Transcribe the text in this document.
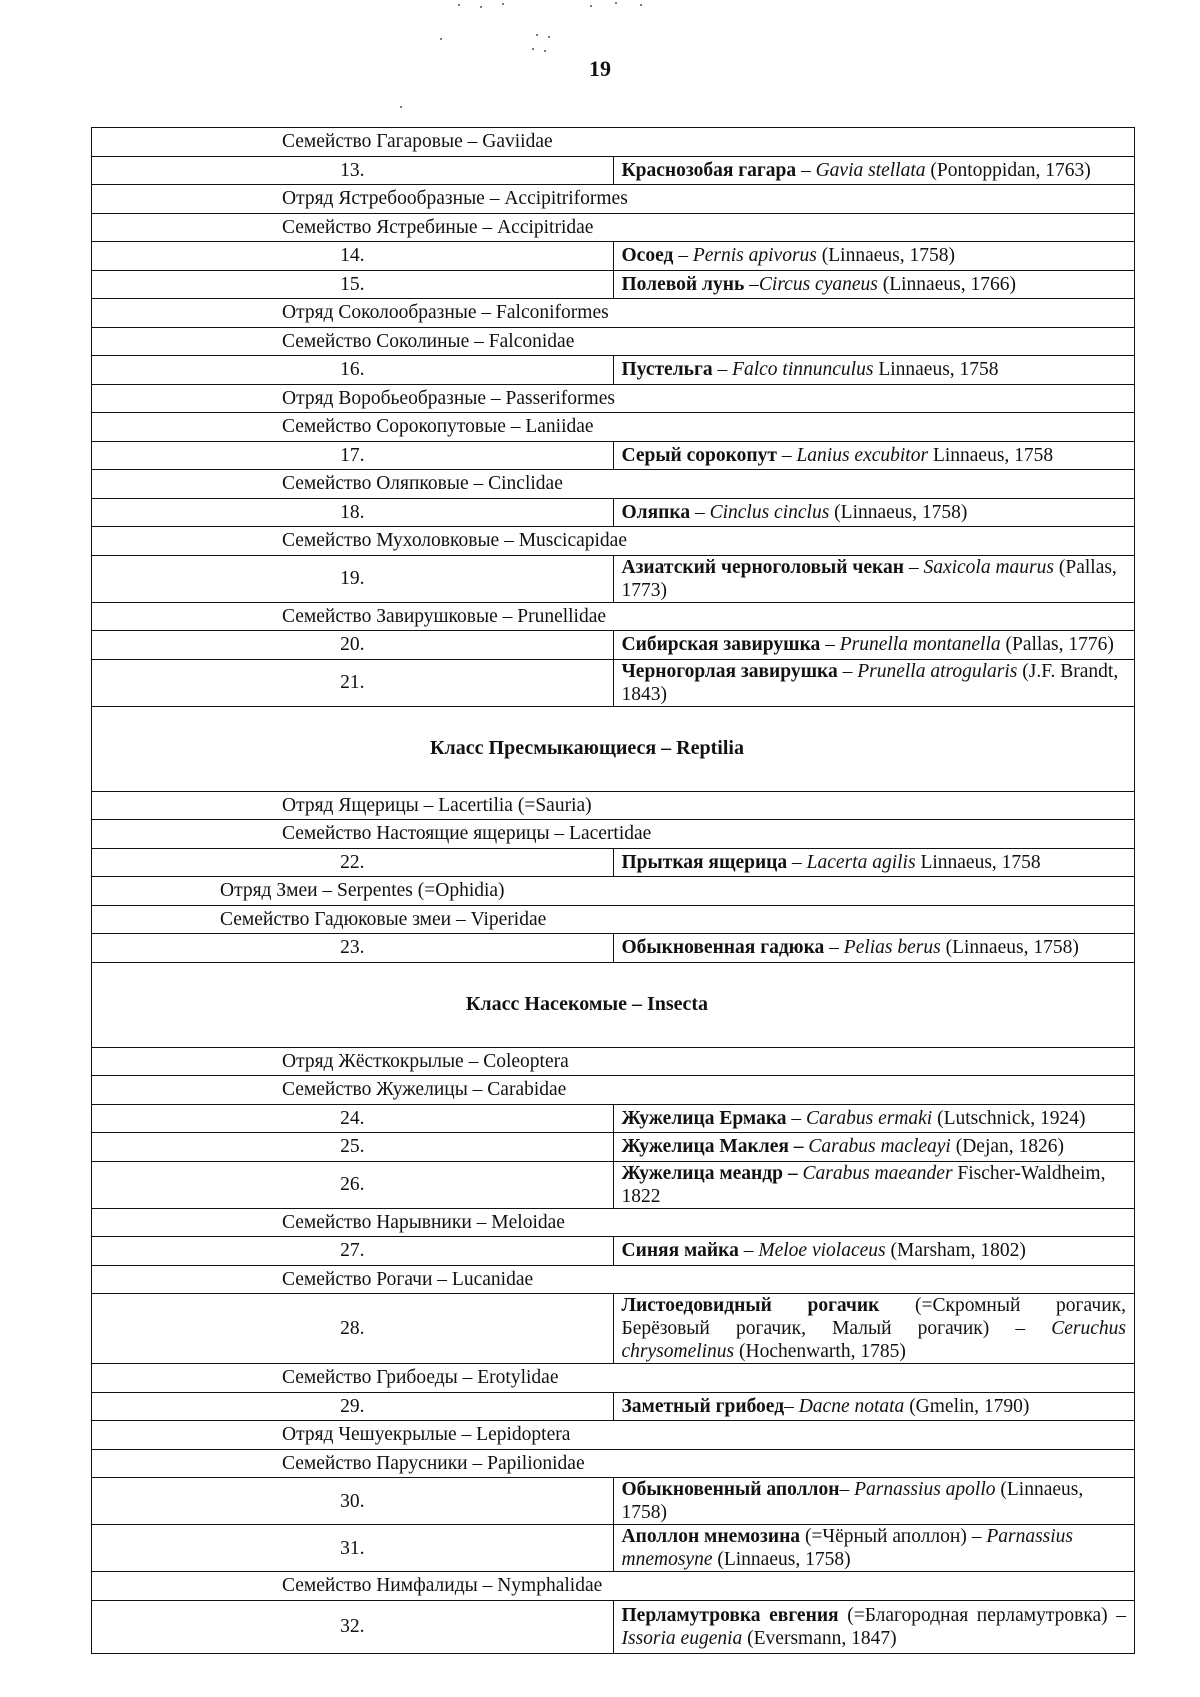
19
Семейство Гагаровые – Gaviidae	
13.	Краснозобая гагара – Gavia stellata (Pontoppidan, 1763)
Отряд Ястребообразные – Accipitriformes	
Семейство Ястребиные – Accipitridae	
14.	Осоед – Pernis apivorus (Linnaeus, 1758)
15.	Полевой лунь –Circus cyaneus (Linnaeus, 1766)
Отряд Соколообразные – Falconiformes	
Семейство Соколиные – Falconidae	
16.	Пустельга – Falco tinnunculus Linnaeus, 1758
Отряд Воробьеобразные – Passeriformes	
Семейство Сорокопутовые – Laniidae	
17.	Серый сорокопут – Lanius excubitor Linnaeus, 1758
Семейство Оляпковые – Cinclidae	
18.	Оляпка – Cinclus cinclus (Linnaeus, 1758)
Семейство Мухоловковые – Muscicapidae	
19.	Азиатский черноголовый чекан – Saxicola maurus (Pallas, 1773)
Семейство Завирушковые – Prunellidae	
20.	Сибирская завирушка – Prunella montanella (Pallas, 1776)
21.	Черногорлая завирушка – Prunella atrogularis (J.F. Brandt, 1843)
Класс Пресмыкающиеся – Reptilia	
Отряд Ящерицы – Lacertilia (=Sauria)	
Семейство Настоящие ящерицы – Lacertidae	
22.	Прыткая ящерица – Lacerta agilis Linnaeus, 1758
Отряд Змеи – Serpentes (=Ophidia)	
Семейство Гадюковые змеи – Viperidae	
23.	Обыкновенная гадюка – Pelias berus (Linnaeus, 1758)
Класс Насекомые – Insecta	
Отряд Жёсткокрылые – Coleoptera	
Семейство Жужелицы – Carabidae	
24.	Жужелица Ермака – Carabus ermaki (Lutschnick, 1924)
25.	Жужелица Маклея – Carabus macleayi (Dejan, 1826)
26.	Жужелица меандр – Carabus maeander Fischer-Waldheim, 1822
Семейство Нарывники – Meloidae	
27.	Синяя майка – Meloe violaceus (Marsham, 1802)
Семейство Рогачи – Lucanidae	
28.	Листоедовидный рогачик (=Скромный рогачик, Берёзовый рогачик, Малый рогачик) – Ceruchus chrysomelinus (Hochenwarth, 1785)
Семейство Грибоеды – Erotylidae	
29.	Заметный грибоед– Dacne notata (Gmelin, 1790)
Отряд Чешуекрылые – Lepidoptera	
Семейство Парусники – Papilionidae	
30.	Обыкновенный аполлон– Parnassius apollo (Linnaeus, 1758)
31.	Аполлон мнемозина (=Чёрный аполлон) – Parnassius mnemosyne (Linnaeus, 1758)
Семейство Нимфалиды – Nymphalidae	
32.	Перламутровка евгения (=Благородная перламутровка) – Issoria eugenia (Eversmann, 1847)
